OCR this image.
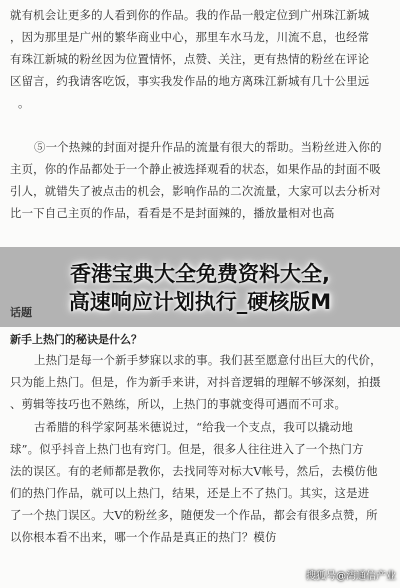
就有机会让更多的人看到你的作品。我的作品一般定位到广州珠江新城
，因为那里是广州的繁华商业中心，那里车水马龙，川流不息，也经常
有珠江新城的粉丝因为位置情怀，点赞、关注，更有热情的粉丝在评论
区留言，约我请客吃饭，事实我发作品的地方离珠江新城有几十公里远
。
⑤一个热辣的封面对提升作品的流量有很大的帮助。当粉丝进入你的
主页，你的作品都处于一个静止被选择观看的状态，如果作品的封面不吸
引人，就错失了被点击的机会，影响作品的二次流量，大家可以去分析对
比一下自己主页的作品，看看是不是封面辣的，播放量相对也高
话题
新手上热门的秘诀是什么？
香港宝典大全免费资料大全,
高速响应计划执行_硬核版M
上热门是每一个新手梦寐以求的事。我们甚至愿意付出巨大的代价，
只为能上热门。但是，作为新手来讲，对抖音逻辑的理解不够深刻，拍摄
、剪辑等技巧也不熟练，所以，上热门的事就变得可遇而不可求。
古希腊的科学家阿基米德说过，“给我一个支点，我可以撬动地
球”。似乎抖音上热门也有窍门。但是，很多人往往进入了一个热门方
法的误区。有的老师都是教你，去找同等对标大V帐号，然后，去模仿他
们的热门作品，就可以上热门，结果，还是上不了热门。其实，这是进
了一个热门误区。大V的粉丝多，随便发一个作品，都会有很多点赞，所
以你根本看不出来，哪一个作品是真正的热门？模仿
搜狐号@湾通信产业
